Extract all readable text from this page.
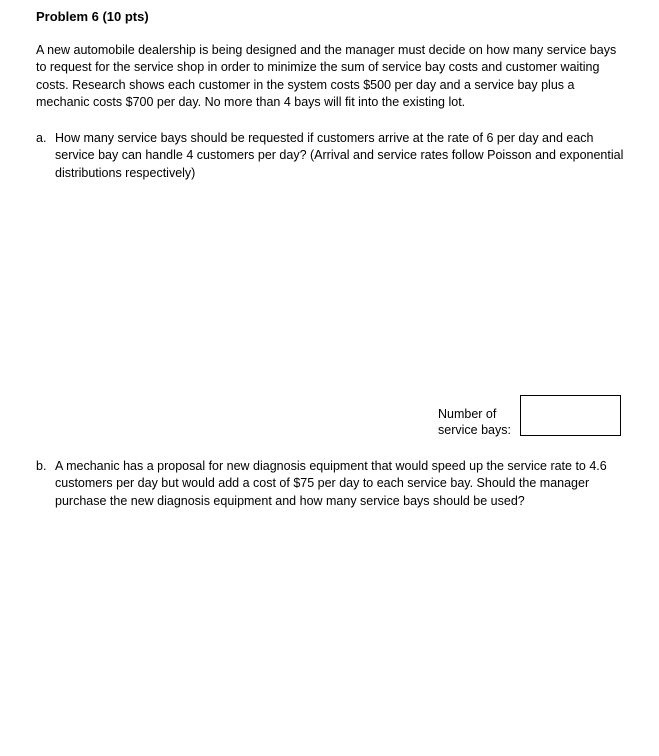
Problem 6 (10 pts)
A new automobile dealership is being designed and the manager must decide on how many service bays to request for the service shop in order to minimize the sum of service bay costs and customer waiting costs. Research shows each customer in the system costs $500 per day and a service bay plus a mechanic costs $700 per day. No more than 4 bays will fit into the existing lot.
a. How many service bays should be requested if customers arrive at the rate of 6 per day and each service bay can handle 4 customers per day? (Arrival and service rates follow Poisson and exponential distributions respectively)
Number of
service bays:
b. A mechanic has a proposal for new diagnosis equipment that would speed up the service rate to 4.6 customers per day but would add a cost of $75 per day to each service bay. Should the manager purchase the new diagnosis equipment and how many service bays should be used?
